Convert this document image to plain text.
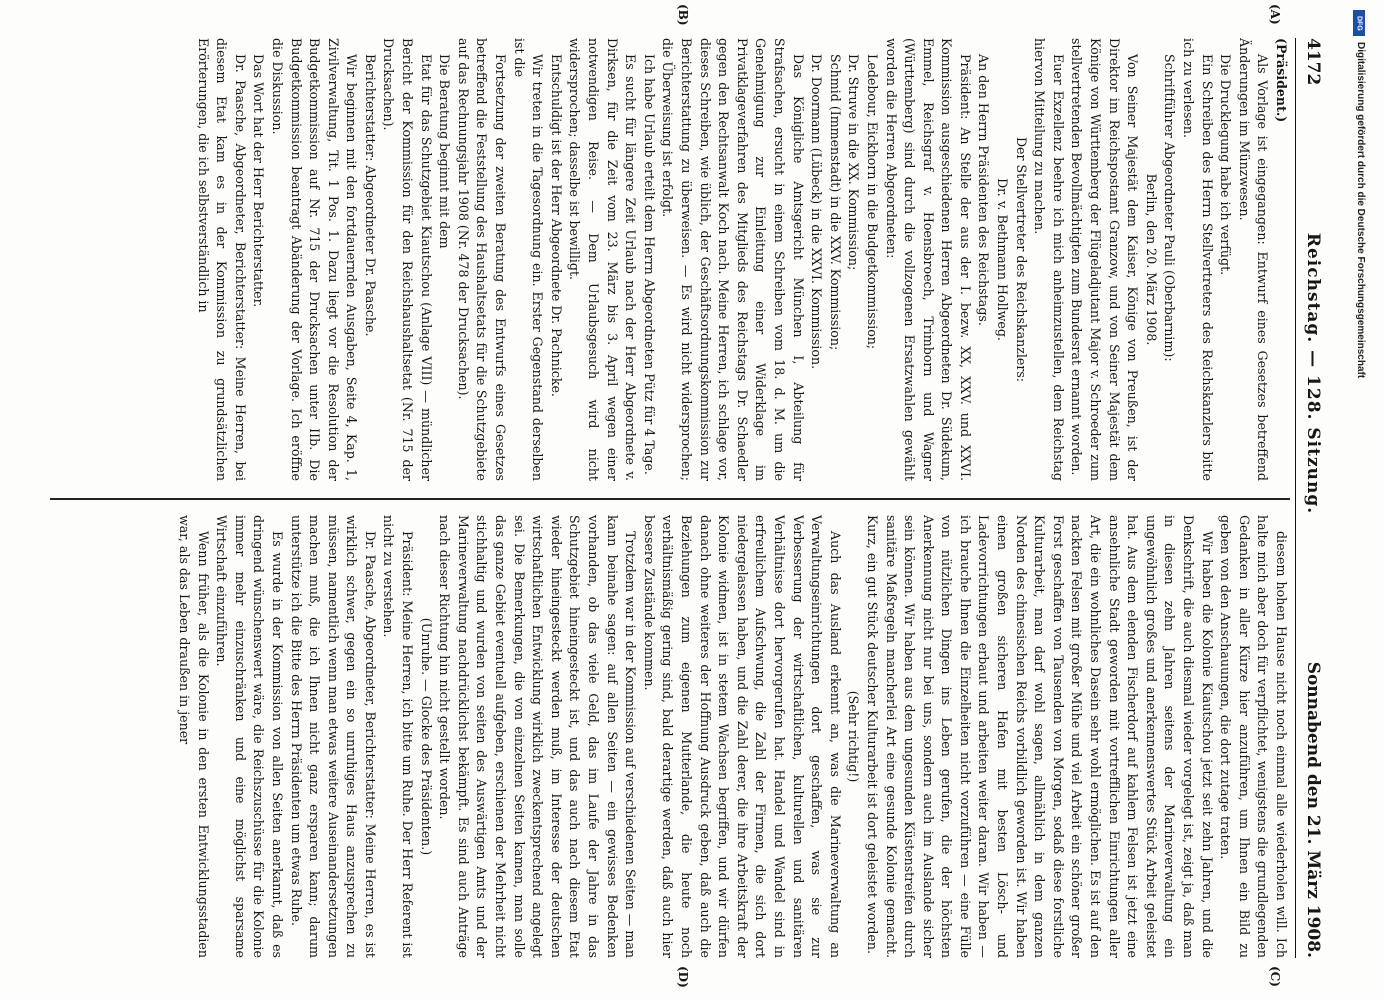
4172
Reichstag. — 128. Sitzung.
Sonnabend den 21. März 1908.

(Präsident.)

Als Vorlage ist eingegangen: Entwurf eines Gesetzes betreffend Änderungen im Münzwesen.

Die Drucklegung habe ich verfügt.

Ein Schreiben des Herrn Stellvertreters des Reichskanzlers bitte ich zu verlesen.

Schriftführer Abgeordneter Pauli (Oberbarnim):

Berlin, den 20. März 1908.

Von Seiner Majestät dem Kaiser, Könige von Preußen, ist der Direktor im Reichspostamt Granzow, und von Seiner Majestät dem Könige von Württemberg der Flügeladjutant Major v. Schroeder zum stellvertretenden Bevollmächtigten zum Bundesrat ernannt worden.

Euer Exzellenz beehre ich mich anheimzustellen, dem Reichstag hiervon Mitteilung zu machen.

Der Stellvertreter des Reichskanzlers:

Dr. v. Bethmann Hollweg.

An den Herrn Präsidenten des Reichstags.

Präsident: An Stelle der aus der I. bezw. XX, XXV. und XXVI. Kommission ausgeschiedenen Herren Abgeordneten Dr. Südekum, Emmel, Reichsgraf v. Hoensbroech, Trimborn und Wagner (Württemberg) sind durch die vollzogenen Ersatzwahlen gewählt worden die Herren Abgeordneten:

Ledebour, Eickhorn in die Budgetkommission;

Dr. Struve in die XX. Kommission;

Schmid (Immenstadt) in die XXV. Kommission;

Dr. Doormann (Lübeck) in die XXVI. Kommission.

Das Königliche Amtsgericht München I, Abteilung für Strafsachen, ersucht in einem Schreiben vom 18. d. M. um die Genehmigung zur Einleitung einer Widerklage im Privatklageverfahren des Mitglieds des Reichstags Dr. Schaedler gegen den Rechtsanwalt Koch nach. Meine Herren, ich schlage vor, dieses Schreiben, wie üblich, der Geschäftsordnungskommission zur Berichterstattung zu überweisen. — Es wird nicht widersprochen; die Überweisung ist erfolgt.

Ich habe Urlaub erteilt dem Herrn Abgeordneten Pütz für 4 Tage.

Es sucht für längere Zeit Urlaub nach der Herr Abgeordnete v. Dirksen, für die Zeit vom 23. März bis 3. April wegen einer notwendigen Reise. — Dem Urlaubsgesuch wird nicht widersprochen; dasselbe ist bewilligt.

Entschuldigt ist der Herr Abgeordnete Dr. Pachnicke.

Wir treten in die Tagesordnung ein. Erster Gegenstand derselben ist die

Fortsetzung der zweiten Beratung des Entwurfs eines Gesetzes betreffend die Feststellung des Haushaltsetats für die Schutzgebiete auf das Rechnungsjahr 1908 (Nr. 478 der Drucksachen).

Die Beratung beginnt mit dem

Etat für das Schutzgebiet Kiautschou (Anlage VIII) — mündlicher Bericht der Kommission für den Reichshaushaltsetat (Nr. 715 der Drucksachen).

Berichterstatter: Abgeordneter Dr. Paasche.

Wir beginnen mit den fortdauernden Ausgaben, Seite 4, Kap. 1, Zivilverwaltung, Tit. 1 Pos. 1. Dazu liegt vor die Resolution der Budgetkommission auf Nr. 715 der Drucksachen unter IIb. Die Budgetkommission beantragt Abänderung der Vorlage. Ich eröffne die Diskussion.

Das Wort hat der Herr Berichterstatter.

Dr. Paasche, Abgeordneter, Berichterstatter: Meine Herren, bei diesem Etat kam es in der Kommission zu grundsätzlichen Erörterungen, die ich selbstverständlich in

diesem hohen Hause nicht noch einmal alle wiederholen will. Ich halte mich aber doch für verpflichtet, wenigstens die grundlegenden Gedanken in aller Kürze hier anzuführen, um Ihnen ein Bild zu geben von den Anschauungen, die dort zutage traten.

Wir haben die Kolonie Kiautschou jetzt seit zehn Jahren, und die Denkschrift, die auch diesmal wieder vorgelegt ist, zeigt ja, daß man in diesen zehn Jahren seitens der Marineverwaltung ein ungewöhnlich großes und anerkennenswertes Stück Arbeit geleistet hat. Aus dem elenden Fischerdorf auf kahlem Felsen ist jetzt eine ansehnliche Stadt geworden mit vortrefflichen Einrichtungen aller Art, die ein wohnliches Dasein sehr wohl ermöglichen. Es ist auf den nackten Felsen mit großer Mühe und viel Arbeit ein schöner großer Forst geschaffen von Tausenden von Morgen, sodaß diese forstliche Kulturarbeit, man darf wohl sagen, allmählich in dem ganzen Norden des chinesischen Reichs vorbildlich geworden ist. Wir haben einen großen sicheren Hafen mit besten Lösch- und Ladevorrichtungen erbaut und arbeiten weiter daran. Wir haben — ich brauche Ihnen die Einzelheiten nicht vorzuführen — eine Fülle von nützlichen Dingen ins Leben gerufen, die der höchsten Anerkennung nicht nur bei uns, sondern auch im Auslande sicher sein können. Wir haben aus dem ungesunden Küstenstreifen durch sanitäre Maßregeln mancherlei Art eine gesunde Kolonie gemacht. Kurz, ein gut Stück deutscher Kulturarbeit ist dort geleistet worden.

(Sehr richtig!)

Auch das Ausland erkennt an, was die Marineverwaltung an Verwaltungseinrichtungen dort geschaffen, was sie zur Verbesserung der wirtschaftlichen, kulturellen und sanitären Verhältnisse dort hervorgerufen hat. Handel und Wandel sind in erfreulichem Aufschwung, die Zahl der Firmen, die sich dort niedergelassen haben, und die Zahl derer, die ihre Arbeitskraft der Kolonie widmen, ist in stetem Wachsen begriffen, und wir dürfen danach ohne weiteres der Hoffnung Ausdruck geben, daß auch die Beziehungen zum eigenen Mutterlande, die heute noch verhältnismäßig gering sind, bald derartige werden, daß auch hier bessere Zustände kommen.

Trotzdem war in der Kommission auf verschiedenen Seiten — man kann beinahe sagen: auf allen Seiten — ein gewisses Bedenken vorhanden, ob das viele Geld, das im Laufe der Jahre in das Schutzgebiet hineingesteckt ist, und das auch nach diesem Etat wieder hineingesteckt werden muß, im Interesse der deutschen wirtschaftlichen Entwicklung wirklich zweckentsprechend angelegt sei. Die Bemerkungen, die von einzelnen Seiten kamen, man solle das ganze Gebiet eventuell aufgeben, erschienen der Mehrheit nicht stichhaltig und wurden von seiten des Auswärtigen Amts und der Marineverwaltung nachdrücklichst bekämpft. Es sind auch Anträge nach dieser Richtung hin nicht gestellt worden.

(Unruhe. — Glocke des Präsidenten.)

Präsident: Meine Herren, ich bitte um Ruhe. Der Herr Referent ist nicht zu verstehen.

Dr. Paasche, Abgeordneter, Berichterstatter: Meine Herren, es ist wirklich schwer, gegen ein so unruhiges Haus anzusprechen zu müssen, namentlich wenn man etwas weitere Auseinandersetzungen machen muß, die ich Ihnen nicht ganz ersparen kann; darum unterstütze ich die Bitte des Herrn Präsidenten um etwas Ruhe.

Es wurde in der Kommission von allen Seiten anerkannt, daß es dringend wünschenswert wäre, die Reichszuschüsse für die Kolonie immer mehr einzuschränken und eine möglichst sparsame Wirtschaft einzuführen.

Wenn früher, als die Kolonie in den ersten Entwicklungsstadien war, als das Leben draußen in jener

(A)
(B)
(C)
(D)
DFG
Digitalisierung gefördert durch die Deutsche Forschungsgemeinschaft
